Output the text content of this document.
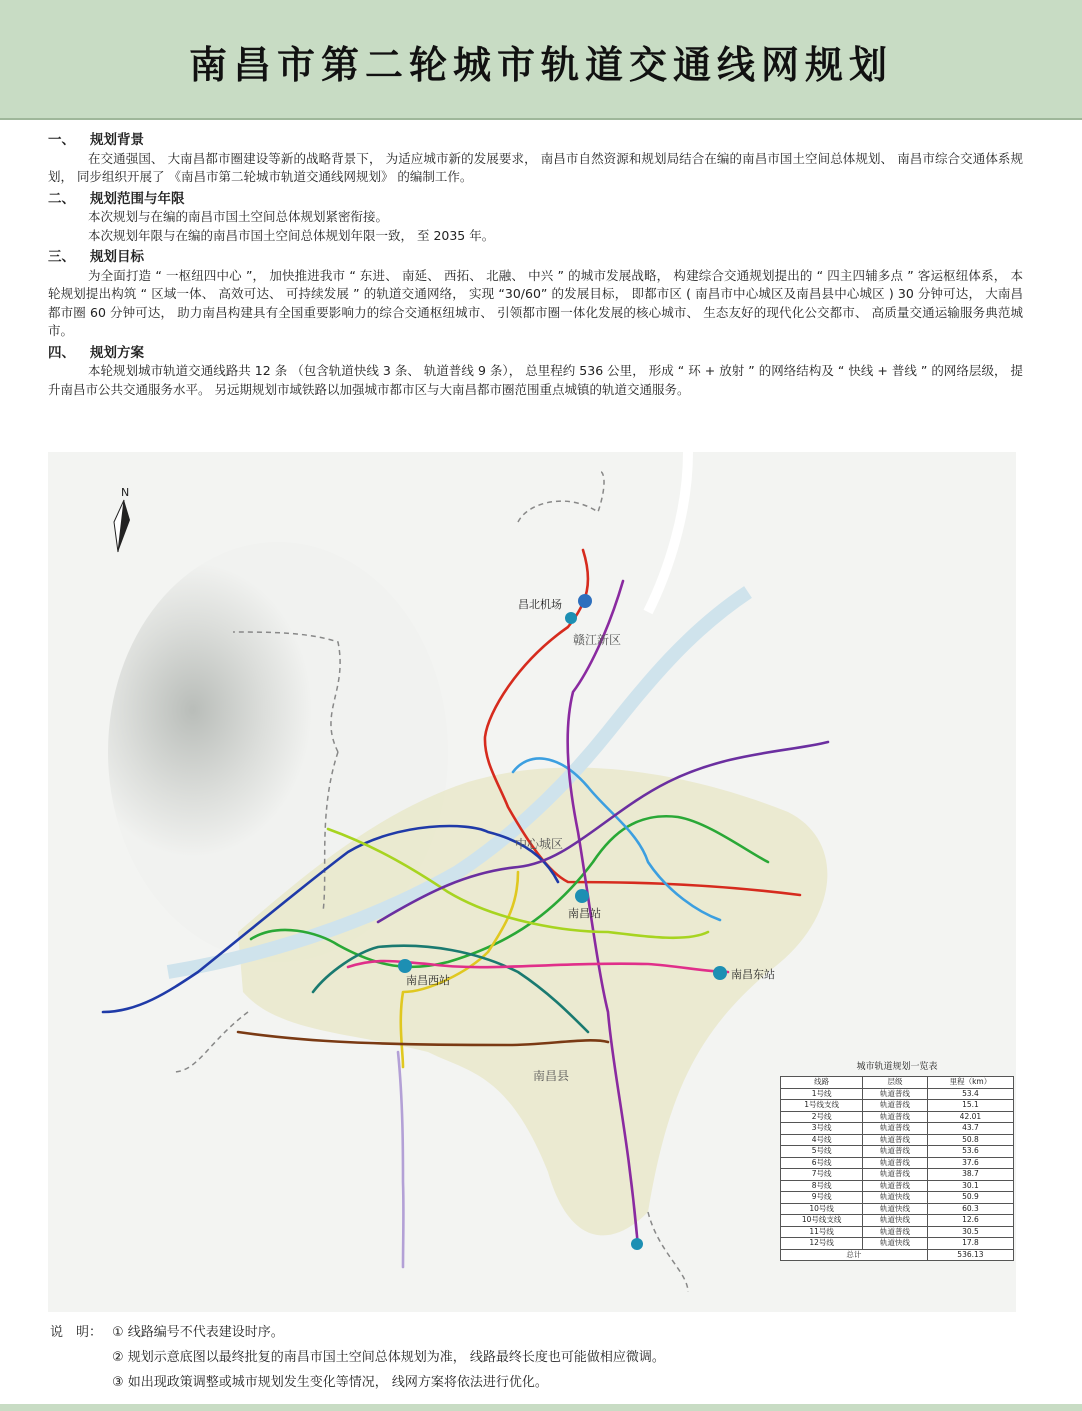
南昌市第二轮城市轨道交通线网规划
一、 规划背景

在交通强国、 大南昌都市圈建设等新的战略背景下， 为适应城市新的发展要求， 南昌市自然资源和规划局结合在编的南昌市国土空间总体规划、 南昌市综合交通体系规划， 同步组织开展了 《南昌市第二轮城市轨道交通线网规划》 的编制工作。

二、 规划范围与年限

本次规划与在编的南昌市国土空间总体规划紧密衔接。

本次规划年限与在编的南昌市国土空间总体规划年限一致， 至 2035 年。

三、 规划目标

为全面打造 “ 一枢纽四中心 ”， 加快推进我市 “ 东进、 南延、 西拓、 北融、 中兴 ” 的城市发展战略， 构建综合交通规划提出的 “ 四主四辅多点 ” 客运枢纽体系， 本轮规划提出构筑 “ 区域一体、 高效可达、 可持续发展 ” 的轨道交通网络， 实现 “30/60” 的发展目标， 即都市区 ( 南昌市中心城区及南昌县中心城区 ) 30 分钟可达， 大南昌都市圈 60 分钟可达， 助力南昌构建具有全国重要影响力的综合交通枢纽城市、 引领都市圈一体化发展的核心城市、 生态友好的现代化公交都市、 高质量交通运输服务典范城市。

四、 规划方案

本轮规划城市轨道交通线路共 12 条 （包含轨道快线 3 条、 轨道普线 9 条）， 总里程约 536 公里， 形成 “ 环 + 放射 ” 的网络结构及 “ 快线 + 普线 ” 的网络层级， 提升南昌市公共交通服务水平。 另远期规划市域铁路以加强城市都市区与大南昌都市圈范围重点城镇的轨道交通服务。

N
昌北机场
南昌站
南昌西站	南昌东站
赣江新区
中心城区
南昌县
城市轨道规划一览表
线路	层级	里程（km）
1号线	轨道普线	53.4
1号线支线	轨道普线	15.1
2号线	轨道普线	42.01
3号线	轨道普线	43.7
4号线	轨道普线	50.8
5号线	轨道普线	53.6
6号线	轨道普线	37.6
7号线	轨道普线	38.7
8号线	轨道普线	30.1
9号线	轨道快线	50.9
10号线	轨道快线	60.3
10号线支线	轨道快线	12.6
11号线	轨道普线	30.5
12号线	轨道快线	17.8
总计		536.13
说　明： ① 线路编号不代表建设时序。
② 规划示意底图以最终批复的南昌市国土空间总体规划为准， 线路最终长度也可能做相应微调。
③ 如出现政策调整或城市规划发生变化等情况， 线网方案将依法进行优化。
